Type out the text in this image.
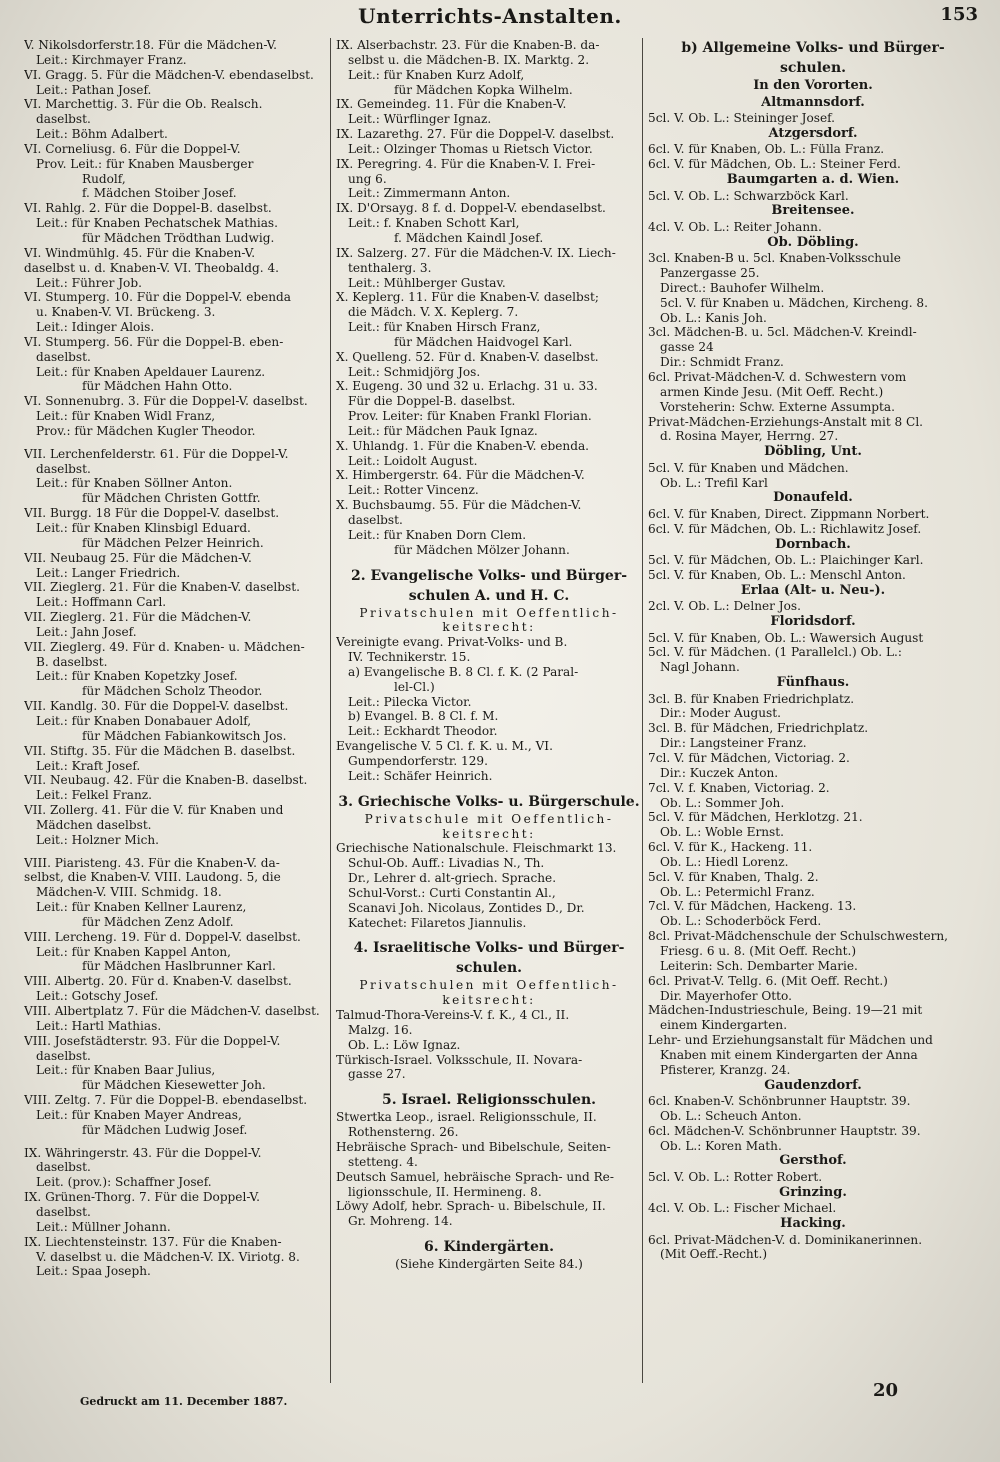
Unterrichts-Anstalten.	153
V. Nikolsdorferstr.18. Für die Mädchen-V.
Leit.: Kirchmayer Franz.
VI. Gragg. 5. Für die Mädchen-V. ebendaselbst.
Leit.: Pathan Josef.
VI. Marchettig. 3. Für die Ob. Realsch.
daselbst.
Leit.: Böhm Adalbert.
VI. Corneliusg. 6. Für die Doppel-V.
Prov. Leit.: für Knaben Mausberger
Rudolf,
f. Mädchen Stoiber Josef.
VI. Rahlg. 2. Für die Doppel-B. daselbst.
Leit.: für Knaben Pechatschek Mathias.
für Mädchen Trödthan Ludwig.
VI. Windmühlg. 45. Für die Knaben-V.
daselbst u. d. Knaben-V. VI. Theobaldg. 4.
Leit.: Führer Job.
VI. Stumperg. 10. Für die Doppel-V. ebenda
u. Knaben-V. VI. Brückeng. 3.
Leit.: Idinger Alois.
VI. Stumperg. 56. Für die Doppel-B. eben-
daselbst.
Leit.: für Knaben Apeldauer Laurenz.
für Mädchen Hahn Otto.
VI. Sonnenubrg. 3. Für die Doppel-V. daselbst.
Leit.: für Knaben Widl Franz,
Prov.: für Mädchen Kugler Theodor.
VII. Lerchenfelderstr. 61. Für die Doppel-V.
daselbst.
Leit.: für Knaben Söllner Anton.
für Mädchen Christen Gottfr.
VII. Burgg. 18 Für die Doppel-V. daselbst.
Leit.: für Knaben Klinsbigl Eduard.
für Mädchen Pelzer Heinrich.
VII. Neubaug 25. Für die Mädchen-V.
Leit.: Langer Friedrich.
VII. Zieglerg. 21. Für die Knaben-V. daselbst.
Leit.: Hoffmann Carl.
VII. Zieglerg. 21. Für die Mädchen-V.
Leit.: Jahn Josef.
VII. Zieglerg. 49. Für d. Knaben- u. Mädchen-
B. daselbst.
Leit.: für Knaben Kopetzky Josef.
für Mädchen Scholz Theodor.
VII. Kandlg. 30. Für die Doppel-V. daselbst.
Leit.: für Knaben Donabauer Adolf,
für Mädchen Fabiankowitsch Jos.
VII. Stiftg. 35. Für die Mädchen B. daselbst.
Leit.: Kraft Josef.
VII. Neubaug. 42. Für die Knaben-B. daselbst.
Leit.: Felkel Franz.
VII. Zollerg. 41. Für die V. für Knaben und
Mädchen daselbst.
Leit.: Holzner Mich.
VIII. Piaristeng. 43. Für die Knaben-V. da-
selbst, die Knaben-V. VIII. Laudong. 5, die
Mädchen-V. VIII. Schmidg. 18.
Leit.: für Knaben Kellner Laurenz,
für Mädchen Zenz Adolf.
VIII. Lercheng. 19. Für d. Doppel-V. daselbst.
Leit.: für Knaben Kappel Anton,
für Mädchen Haslbrunner Karl.
VIII. Albertg. 20. Für d. Knaben-V. daselbst.
Leit.: Gotschy Josef.
VIII. Albertplatz 7. Für die Mädchen-V. daselbst.
Leit.: Hartl Mathias.
VIII. Josefstädterstr. 93. Für die Doppel-V.
daselbst.
Leit.: für Knaben Baar Julius,
für Mädchen Kiesewetter Joh.
VIII. Zeltg. 7. Für die Doppel-B. ebendaselbst.
Leit.: für Knaben Mayer Andreas,
für Mädchen Ludwig Josef.
IX. Währingerstr. 43. Für die Doppel-V.
daselbst.
Leit. (prov.): Schaffner Josef.
IX. Grünen-Thorg. 7. Für die Doppel-V.
daselbst.
Leit.: Müllner Johann.
IX. Liechtensteinstr. 137. Für die Knaben-
V. daselbst u. die Mädchen-V. IX. Viriotg. 8.
Leit.: Spaa Joseph.
IX. Alserbachstr. 23. Für die Knaben-B. da-
selbst u. die Mädchen-B. IX. Marktg. 2.
Leit.: für Knaben Kurz Adolf,
für Mädchen Kopka Wilhelm.
IX. Gemeindeg. 11. Für die Knaben-V.
Leit.: Würflinger Ignaz.
IX. Lazarethg. 27. Für die Doppel-V. daselbst.
Leit.: Olzinger Thomas u Rietsch Victor.
IX. Peregring. 4. Für die Knaben-V. I. Frei-
ung 6.
Leit.: Zimmermann Anton.
IX. D'Orsayg. 8 f. d. Doppel-V. ebendaselbst.
Leit.: f. Knaben Schott Karl,
f. Mädchen Kaindl Josef.
IX. Salzerg. 27. Für die Mädchen-V. IX. Liech-
tenthalerg. 3.
Leit.: Mühlberger Gustav.
X. Keplerg. 11. Für die Knaben-V. daselbst;
die Mädch. V. X. Keplerg. 7.
Leit.: für Knaben Hirsch Franz,
für Mädchen Haidvogel Karl.
X. Quelleng. 52. Für d. Knaben-V. daselbst.
Leit.: Schmidjörg Jos.
X. Eugeng. 30 und 32 u. Erlachg. 31 u. 33.
Für die Doppel-B. daselbst.
Prov. Leiter: für Knaben Frankl Florian.
Leit.: für Mädchen Pauk Ignaz.
X. Uhlandg. 1. Für die Knaben-V. ebenda.
Leit.: Loidolt August.
X. Himbergerstr. 64. Für die Mädchen-V.
Leit.: Rotter Vincenz.
X. Buchsbaumg. 55. Für die Mädchen-V.
daselbst.
Leit.: für Knaben Dorn Clem.
für Mädchen Mölzer Johann.
2. Evangelische Volks- und Bürger-
schulen A. und H. C.
Privatschulen mit Oeffentlich-
keitsrecht:
Vereinigte evang. Privat-Volks- und B.
IV. Technikerstr. 15.
a) Evangelische B. 8 Cl. f. K. (2 Paral-
lel-Cl.)
Leit.: Pilecka Victor.
b) Evangel. B. 8 Cl. f. M.
Leit.: Eckhardt Theodor.
Evangelische V. 5 Cl. f. K. u. M., VI.
Gumpendorferstr. 129.
Leit.: Schäfer Heinrich.
3. Griechische Volks- u. Bürgerschule.
Privatschule mit Oeffentlich-
keitsrecht:
Griechische Nationalschule. Fleischmarkt 13.
Schul-Ob. Auff.: Livadias N., Th.
Dr., Lehrer d. alt-griech. Sprache.
Schul-Vorst.: Curti Constantin Al.,
Scanavi Joh. Nicolaus, Zontides D., Dr.
Katechet: Filaretos Jiannulis.
4. Israelitische Volks- und Bürger-
schulen.
Privatschulen mit Oeffentlich-
keitsrecht:
Talmud-Thora-Vereins-V. f. K., 4 Cl., II.
Malzg. 16.
Ob. L.: Löw Ignaz.
Türkisch-Israel. Volksschule, II. Novara-
gasse 27.
5. Israel. Religionsschulen.
Stwertka Leop., israel. Religionsschule, II.
Rothensterng. 26.
Hebräische Sprach- und Bibelschule, Seiten-
stetteng. 4.
Deutsch Samuel, hebräische Sprach- und Re-
ligionsschule, II. Hermineng. 8.
Löwy Adolf, hebr. Sprach- u. Bibelschule, II.
Gr. Mohreng. 14.
6. Kindergärten.
(Siehe Kindergärten Seite 84.)
b) Allgemeine Volks- und Bürger-
schulen.
In den Vororten.
Altmannsdorf.
5cl. V. Ob. L.: Steininger Josef.
Atzgersdorf.
6cl. V. für Knaben, Ob. L.: Fülla Franz.
6cl. V. für Mädchen, Ob. L.: Steiner Ferd.
Baumgarten a. d. Wien.
5cl. V. Ob. L.: Schwarzböck Karl.
Breitensee.
4cl. V. Ob. L.: Reiter Johann.
Ob. Döbling.
3cl. Knaben-B u. 5cl. Knaben-Volksschule
Panzergasse 25.
Direct.: Bauhofer Wilhelm.
5cl. V. für Knaben u. Mädchen, Kircheng. 8.
Ob. L.: Kanis Joh.
3cl. Mädchen-B. u. 5cl. Mädchen-V. Kreindl-
gasse 24
Dir.: Schmidt Franz.
6cl. Privat-Mädchen-V. d. Schwestern vom
armen Kinde Jesu. (Mit Oeff. Recht.)
Vorsteherin: Schw. Externe Assumpta.
Privat-Mädchen-Erziehungs-Anstalt mit 8 Cl.
d. Rosina Mayer, Herrng. 27.
Döbling, Unt.
5cl. V. für Knaben und Mädchen.
Ob. L.: Trefil Karl
Donaufeld.
6cl. V. für Knaben, Direct. Zippmann Norbert.
6cl. V. für Mädchen, Ob. L.: Richlawitz Josef.
Dornbach.
5cl. V. für Mädchen, Ob. L.: Plaichinger Karl.
5cl. V. für Knaben, Ob. L.: Menschl Anton.
Erlaa (Alt- u. Neu-).
2cl. V. Ob. L.: Delner Jos.
Floridsdorf.
5cl. V. für Knaben, Ob. L.: Wawersich August
5cl. V. für Mädchen. (1 Parallelcl.) Ob. L.:
Nagl Johann.
Fünfhaus.
3cl. B. für Knaben Friedrichplatz.
Dir.: Moder August.
3cl. B. für Mädchen, Friedrichplatz.
Dir.: Langsteiner Franz.
7cl. V. für Mädchen, Victoriag. 2.
Dir.: Kuczek Anton.
7cl. V. f. Knaben, Victoriag. 2.
Ob. L.: Sommer Joh.
5cl. V. für Mädchen, Herklotzg. 21.
Ob. L.: Woble Ernst.
6cl. V. für K., Hackeng. 11.
Ob. L.: Hiedl Lorenz.
5cl. V. für Knaben, Thalg. 2.
Ob. L.: Petermichl Franz.
7cl. V. für Mädchen, Hackeng. 13.
Ob. L.: Schoderböck Ferd.
8cl. Privat-Mädchenschule der Schulschwestern,
Friesg. 6 u. 8. (Mit Oeff. Recht.)
Leiterin: Sch. Dembarter Marie.
6cl. Privat-V. Tellg. 6. (Mit Oeff. Recht.)
Dir. Mayerhofer Otto.
Mädchen-Industrieschule, Being. 19—21 mit
einem Kindergarten.
Lehr- und Erziehungsanstalt für Mädchen und
Knaben mit einem Kindergarten der Anna
Pfisterer, Kranzg. 24.
Gaudenzdorf.
6cl. Knaben-V. Schönbrunner Hauptstr. 39.
Ob. L.: Scheuch Anton.
6cl. Mädchen-V. Schönbrunner Hauptstr. 39.
Ob. L.: Koren Math.
Gersthof.
5cl. V. Ob. L.: Rotter Robert.
Grinzing.
4cl. V. Ob. L.: Fischer Michael.
Hacking.
6cl. Privat-Mädchen-V. d. Dominikanerinnen.
(Mit Oeff.-Recht.)
Gedruckt am 11. December 1887.
20
